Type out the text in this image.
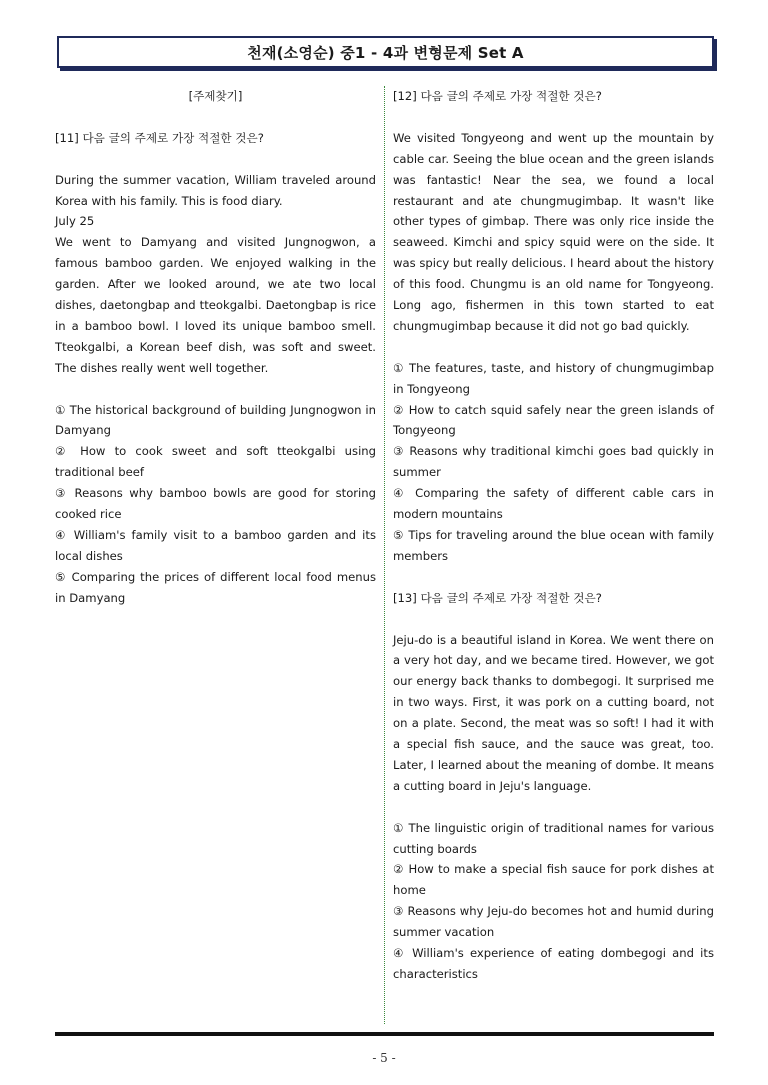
천재(소영순) 중1 - 4과 변형문제 Set A

[주제찾기]

[11] 다음 글의 주제로 가장 적절한 것은?

During the summer vacation, William traveled around Korea with his family. This is food diary.

July 25

We went to Damyang and visited Jungnogwon, a famous bamboo garden. We enjoyed walking in the garden. After we looked around, we ate two local dishes, daetongbap and tteokgalbi. Daetongbap is rice in a bamboo bowl. I loved its unique bamboo smell. Tteokgalbi, a Korean beef dish, was soft and sweet. The dishes really went well together.

① The historical background of building Jungnogwon in Damyang

② How to cook sweet and soft tteokgalbi using traditional beef

③ Reasons why bamboo bowls are good for storing cooked rice

④ William's family visit to a bamboo garden and its local dishes

⑤ Comparing the prices of different local food menus in Damyang

[12] 다음 글의 주제로 가장 적절한 것은?

We visited Tongyeong and went up the mountain by cable car. Seeing the blue ocean and the green islands was fantastic! Near the sea, we found a local restaurant and ate chungmugimbap. It wasn't like other types of gimbap. There was only rice inside the seaweed. Kimchi and spicy squid were on the side. It was spicy but really delicious. I heard about the history of this food. Chungmu is an old name for Tongyeong. Long ago, fishermen in this town started to eat chungmugimbap because it did not go bad quickly.

① The features, taste, and history of chungmugimbap in Tongyeong

② How to catch squid safely near the green islands of Tongyeong

③ Reasons why traditional kimchi goes bad quickly in summer

④ Comparing the safety of different cable cars in modern mountains

⑤ Tips for traveling around the blue ocean with family members

[13] 다음 글의 주제로 가장 적절한 것은?

Jeju-do is a beautiful island in Korea. We went there on a very hot day, and we became tired. However, we got our energy back thanks to dombegogi. It surprised me in two ways. First, it was pork on a cutting board, not on a plate. Second, the meat was so soft! I had it with a special fish sauce, and the sauce was great, too. Later, I learned about the meaning of dombe. It means a cutting board in Jeju's language.

① The linguistic origin of traditional names for various cutting boards

② How to make a special fish sauce for pork dishes at home

③ Reasons why Jeju-do becomes hot and humid during summer vacation

④ William's experience of eating dombegogi and its characteristics

- 5 -
